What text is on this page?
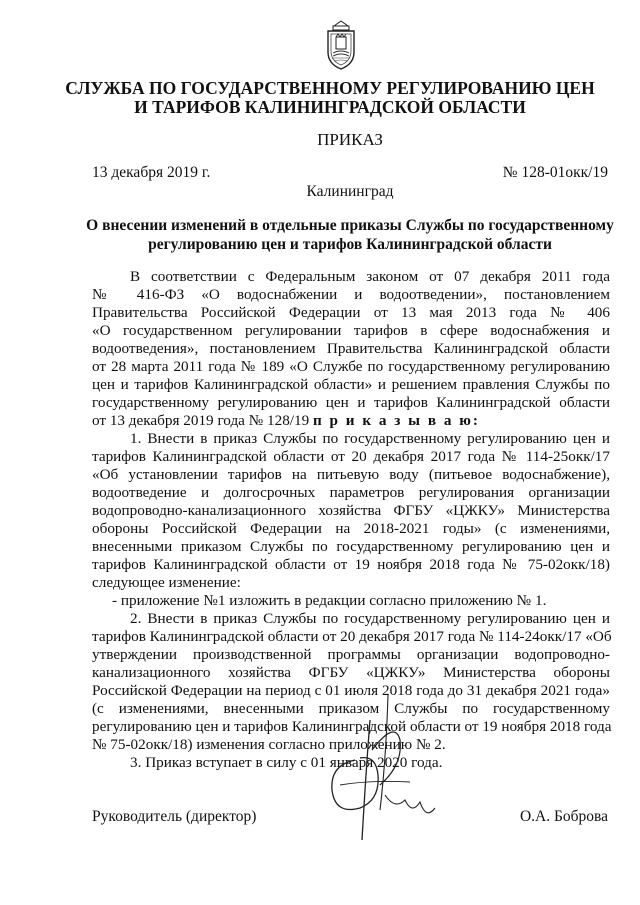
СЛУЖБА ПО ГОСУДАРСТВЕННОМУ РЕГУЛИРОВАНИЮ ЦЕН
И ТАРИФОВ КАЛИНИНГРАДСКОЙ ОБЛАСТИ
ПРИКАЗ
13 декабря 2019 г.	№ 128-01окк/19
Калининград
О внесении изменений в отдельные приказы Службы по государственному
регулированию цен и тарифов Калининградской области
В соответствии с Федеральным законом от 07 декабря 2011 года
№ 416-ФЗ «О водоснабжении и водоотведении», постановлением
Правительства Российской Федерации от 13 мая 2013 года № 406
«О государственном регулировании тарифов в сфере водоснабжения и
водоотведения», постановлением Правительства Калининградской области
от 28 марта 2011 года № 189 «О Службе по государственному регулированию
цен и тарифов Калининградской области» и решением правления Службы по
государственному регулированию цен и тарифов Калининградской области
от 13 декабря 2019 года № 128/19 п р и к а з ы в а ю:
1. Внести в приказ Службы по государственному регулированию цен и
тарифов Калининградской области от 20 декабря 2017 года № 114-25окк/17
«Об установлении тарифов на питьевую воду (питьевое водоснабжение),
водоотведение и долгосрочных параметров регулирования организации
водопроводно-канализационного хозяйства ФГБУ «ЦЖКУ» Министерства
обороны Российской Федерации на 2018-2021 годы» (с изменениями,
внесенными приказом Службы по государственному регулированию цен и
тарифов Калининградской области от 19 ноября 2018 года № 75-02окк/18)
следующее изменение:
- приложение №1 изложить в редакции согласно приложению № 1.
2. Внести в приказ Службы по государственному регулированию цен и
тарифов Калининградской области от 20 декабря 2017 года № 114-24окк/17 «Об
утверждении производственной программы организации водопроводно-
канализационного хозяйства ФГБУ «ЦЖКУ» Министерства обороны
Российской Федерации на период с 01 июля 2018 года до 31 декабря 2021 года»
(с изменениями, внесенными приказом Службы по государственному
регулированию цен и тарифов Калининградской области от 19 ноября 2018 года
№ 75-02окк/18) изменения согласно приложению № 2.
3. Приказ вступает в силу с 01 января 2020 года.
Руководитель (директор)	О.А. Боброва
